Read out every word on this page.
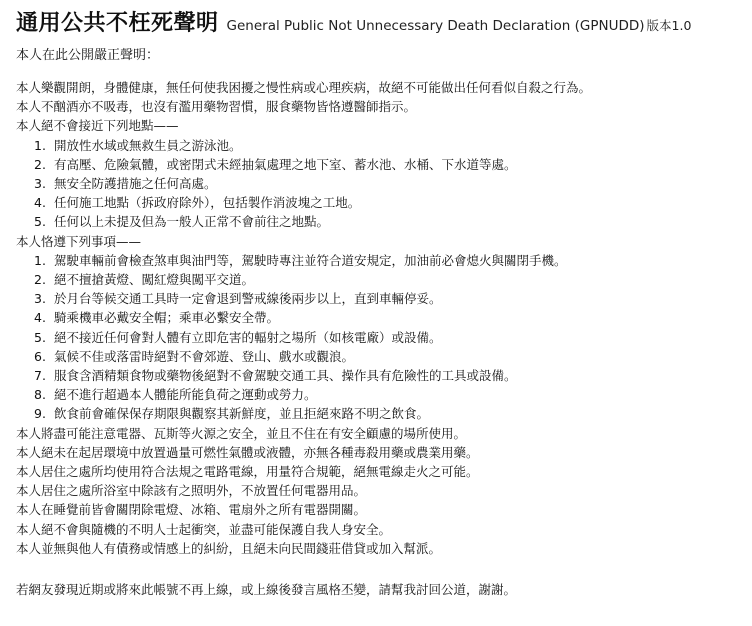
通用公共不枉死聲明 General Public Not Unnecessary Death Declaration (GPNUDD) 版本1.0
本人在此公開嚴正聲明：
本人樂觀開朗，身體健康，無任何使我困擾之慢性病或心理疾病，故絕不可能做出任何看似自殺之行為。
本人不酗酒亦不吸毒，也沒有濫用藥物習慣，服食藥物皆恪遵醫師指示。
本人絕不會接近下列地點——
1. 開放性水域或無救生員之游泳池。
2. 有高壓、危險氣體，或密閉式未經抽氣處理之地下室、蓄水池、水桶、下水道等處。
3. 無安全防護措施之任何高處。
4. 任何施工地點（拆政府除外），包括製作消波塊之工地。
5. 任何以上未提及但為一般人正常不會前往之地點。
本人恪遵下列事項——
1. 駕駛車輛前會檢查煞車與油門等，駕駛時專注並符合道安規定，加油前必會熄火與關閉手機。
2. 絕不擅搶黃燈、闖紅燈與闖平交道。
3. 於月台等候交通工具時一定會退到警戒線後兩步以上，直到車輛停妥。
4. 騎乘機車必戴安全帽；乘車必繫安全帶。
5. 絕不接近任何會對人體有立即危害的輻射之場所（如核電廠）或設備。
6. 氣候不佳或落雷時絕對不會郊遊、登山、戲水或觀浪。
7. 服食含酒精類食物或藥物後絕對不會駕駛交通工具、操作具有危險性的工具或設備。
8. 絕不進行超過本人體能所能負荷之運動或勞力。
9. 飲食前會確保保存期限與觀察其新鮮度，並且拒絕來路不明之飲食。
本人將盡可能注意電器、瓦斯等火源之安全，並且不住在有安全顧慮的場所使用。
本人絕未在起居環境中放置過量可燃性氣體或液體，亦無各種毒殺用藥或農業用藥。
本人居住之處所均使用符合法規之電路電線，用量符合規範，絕無電線走火之可能。
本人居住之處所浴室中除該有之照明外，不放置任何電器用品。
本人在睡覺前皆會關閉除電燈、冰箱、電扇外之所有電器開關。
本人絕不會與隨機的不明人士起衝突，並盡可能保護自我人身安全。
本人並無與他人有債務或情感上的糾紛，且絕未向民間錢莊借貸或加入幫派。
若網友發現近期或將來此帳號不再上線，或上線後發言風格丕變，請幫我討回公道，謝謝。
